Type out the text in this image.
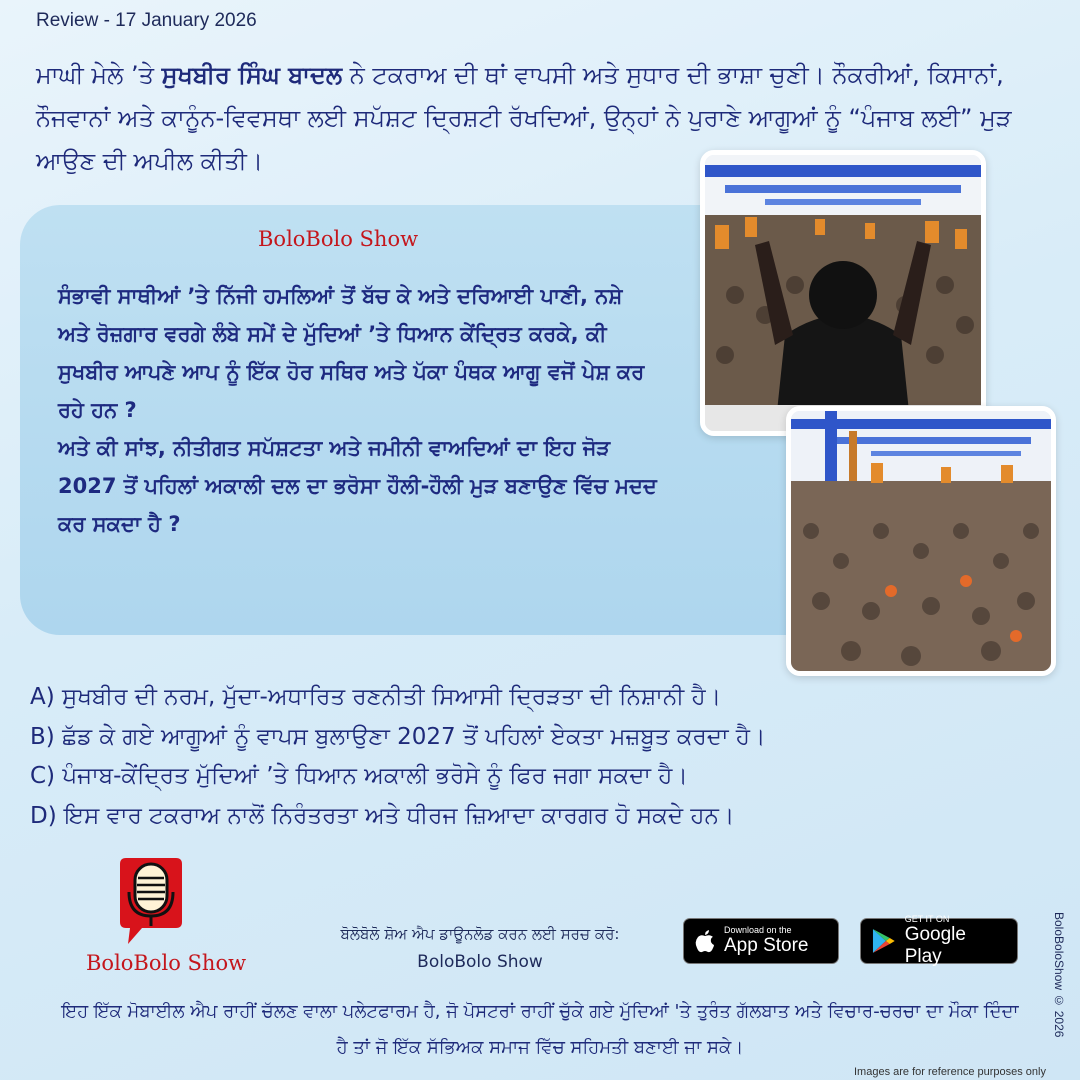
Review - 17 January 2026
ਮਾਘੀ ਮੇਲੇ ’ਤੇ ਸੁਖਬੀਰ ਸਿੰਘ ਬਾਦਲ ਨੇ ਟਕਰਾਅ ਦੀ ਥਾਂ ਵਾਪਸੀ ਅਤੇ ਸੁਧਾਰ ਦੀ ਭਾਸ਼ਾ ਚੁਣੀ। ਨੌਕਰੀਆਂ, ਕਿਸਾਨਾਂ, ਨੌਜਵਾਨਾਂ ਅਤੇ ਕਾਨੂੰਨ-ਵਿਵਸਥਾ ਲਈ ਸਪੱਸ਼ਟ ਦ੍ਰਿਸ਼ਟੀ ਰੱਖਦਿਆਂ, ਉਨ੍ਹਾਂ ਨੇ ਪੁਰਾਣੇ ਆਗੂਆਂ ਨੂੰ “ਪੰਜਾਬ ਲਈ” ਮੁੜ ਆਉਣ ਦੀ ਅਪੀਲ ਕੀਤੀ।
BoloBolo Show
ਸੰਭਾਵੀ ਸਾਥੀਆਂ ’ਤੇ ਨਿੱਜੀ ਹਮਲਿਆਂ ਤੋਂ ਬੱਚ ਕੇ ਅਤੇ ਦਰਿਆਈ ਪਾਣੀ, ਨਸ਼ੇ ਅਤੇ ਰੋਜ਼ਗਾਰ ਵਰਗੇ ਲੰਬੇ ਸਮੇਂ ਦੇ ਮੁੱਦਿਆਂ ’ਤੇ ਧਿਆਨ ਕੇਂਦ੍ਰਿਤ ਕਰਕੇ, ਕੀ ਸੁਖਬੀਰ ਆਪਣੇ ਆਪ ਨੂੰ ਇੱਕ ਹੋਰ ਸਥਿਰ ਅਤੇ ਪੱਕਾ ਪੰਥਕ ਆਗੂ ਵਜੋਂ ਪੇਸ਼ ਕਰ ਰਹੇ ਹਨ ?
ਅਤੇ ਕੀ ਸਾਂਝ, ਨੀਤੀਗਤ ਸਪੱਸ਼ਟਤਾ ਅਤੇ ਜਮੀਨੀ ਵਾਅਦਿਆਂ ਦਾ ਇਹ ਜੋੜ 2027 ਤੋਂ ਪਹਿਲਾਂ ਅਕਾਲੀ ਦਲ ਦਾ ਭਰੋਸਾ ਹੌਲੀ-ਹੌਲੀ ਮੁੜ ਬਣਾਉਣ ਵਿੱਚ ਮਦਦ ਕਰ ਸਕਦਾ ਹੈ ?
A) ਸੁਖਬੀਰ ਦੀ ਨਰਮ, ਮੁੱਦਾ-ਅਧਾਰਿਤ ਰਣਨੀਤੀ ਸਿਆਸੀ ਦ੍ਰਿੜਤਾ ਦੀ ਨਿਸ਼ਾਨੀ ਹੈ।
B) ਛੱਡ ਕੇ ਗਏ ਆਗੂਆਂ ਨੂੰ ਵਾਪਸ ਬੁਲਾਉਣਾ 2027 ਤੋਂ ਪਹਿਲਾਂ ਏਕਤਾ ਮਜ਼ਬੂਤ ਕਰਦਾ ਹੈ।
C) ਪੰਜਾਬ-ਕੇਂਦ੍ਰਿਤ ਮੁੱਦਿਆਂ ’ਤੇ ਧਿਆਨ ਅਕਾਲੀ ਭਰੋਸੇ ਨੂੰ ਫਿਰ ਜਗਾ ਸਕਦਾ ਹੈ।
D) ਇਸ ਵਾਰ ਟਕਰਾਅ ਨਾਲੋਂ ਨਿਰੰਤਰਤਾ ਅਤੇ ਧੀਰਜ ਜ਼ਿਆਦਾ ਕਾਰਗਰ ਹੋ ਸਕਦੇ ਹਨ।
BoloBolo Show
ਬੋਲੋਬੋਲੋ ਸ਼ੋਅ ਐਪ ਡਾਊਨਲੋਡ ਕਰਨ ਲਈ ਸਰਚ ਕਰੋ:
BoloBolo Show
Download on the
App Store
GET IT ON
Google Play
ਇਹ ਇੱਕ ਮੋਬਾਈਲ ਐਪ ਰਾਹੀਂ ਚੱਲਣ ਵਾਲਾ ਪਲੇਟਫਾਰਮ ਹੈ, ਜੋ ਪੋਸਟਰਾਂ ਰਾਹੀਂ ਚੁੱਕੇ ਗਏ ਮੁੱਦਿਆਂ 'ਤੇ ਤੁਰੰਤ ਗੱਲਬਾਤ ਅਤੇ ਵਿਚਾਰ-ਚਰਚਾ ਦਾ ਮੌਕਾ ਦਿੰਦਾ ਹੈ ਤਾਂ ਜੋ ਇੱਕ ਸੱਭਿਅਕ ਸਮਾਜ ਵਿੱਚ ਸਹਿਮਤੀ ਬਣਾਈ ਜਾ ਸਕੇ।
BoloBoloShow © 2026
Images are for reference purposes only
